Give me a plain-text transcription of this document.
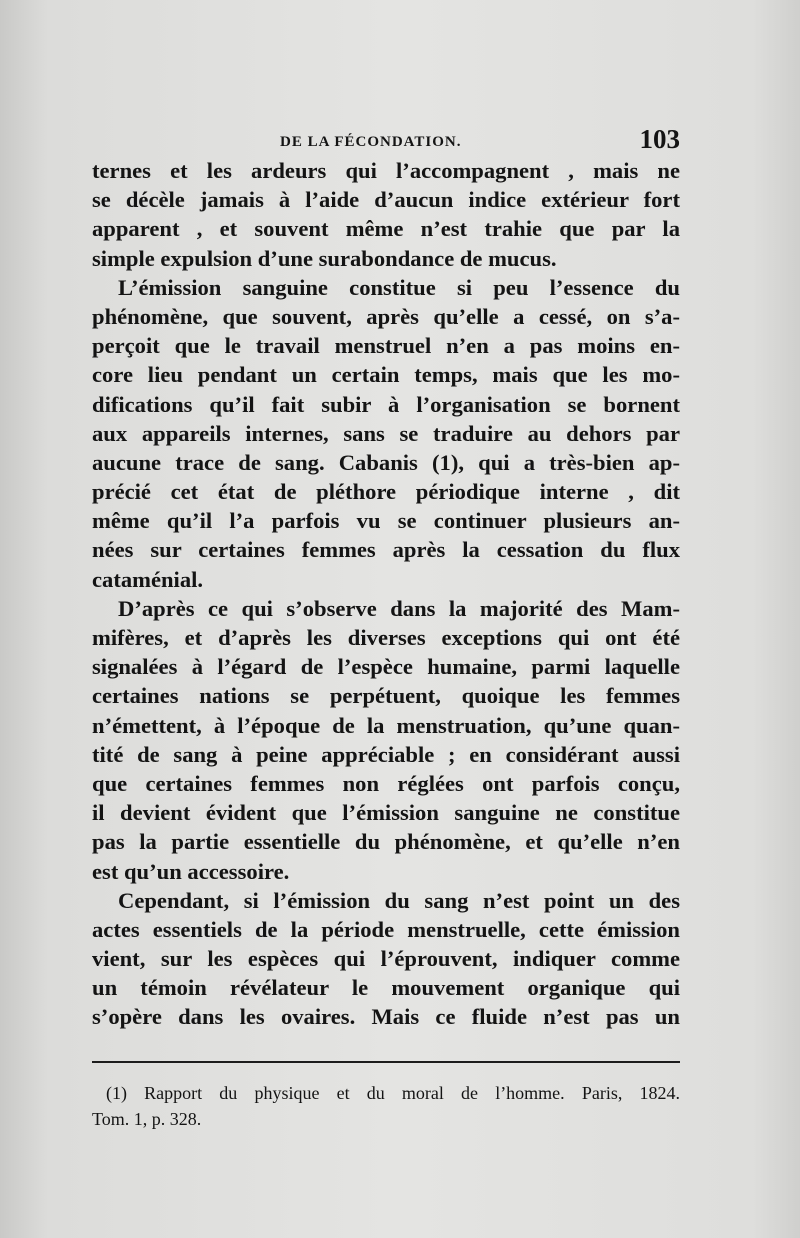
DE LA FÉCONDATION.	103
ternes et les ardeurs qui l’accompagnent , mais ne
se décèle jamais à l’aide d’aucun indice extérieur fort
apparent , et souvent même n’est trahie que par la
simple expulsion d’une surabondance de mucus.
L’émission sanguine constitue si peu l’essence du
phénomène, que souvent, après qu’elle a cessé, on s’a-
perçoit que le travail menstruel n’en a pas moins en-
core lieu pendant un certain temps, mais que les mo-
difications qu’il fait subir à l’organisation se bornent
aux appareils internes, sans se traduire au dehors par
aucune trace de sang. Cabanis (1), qui a très-bien ap-
précié cet état de pléthore périodique interne , dit
même qu’il l’a parfois vu se continuer plusieurs an-
nées sur certaines femmes après la cessation du flux
cataménial.
D’après ce qui s’observe dans la majorité des Mam-
mifères, et d’après les diverses exceptions qui ont été
signalées à l’égard de l’espèce humaine, parmi laquelle
certaines nations se perpétuent, quoique les femmes
n’émettent, à l’époque de la menstruation, qu’une quan-
tité de sang à peine appréciable ; en considérant aussi
que certaines femmes non réglées ont parfois conçu,
il devient évident que l’émission sanguine ne constitue
pas la partie essentielle du phénomène, et qu’elle n’en
est qu’un accessoire.
Cependant, si l’émission du sang n’est point un des
actes essentiels de la période menstruelle, cette émission
vient, sur les espèces qui l’éprouvent, indiquer comme
un témoin révélateur le mouvement organique qui
s’opère dans les ovaires. Mais ce fluide n’est pas un
(1) Rapport du physique et du moral de l’homme. Paris, 1824.
Tom. 1, p. 328.
